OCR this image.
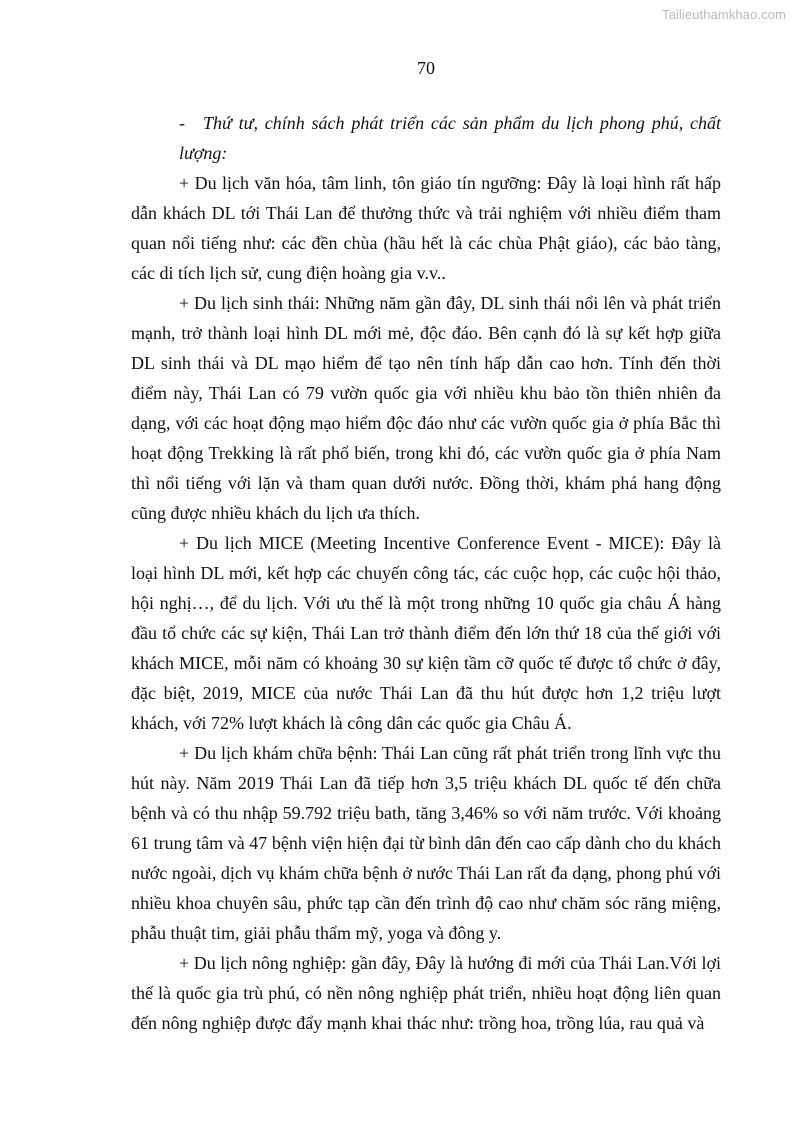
Tailieuthamkhao.com
70

- Thứ tư, chính sách phát triển các sản phẩm du lịch phong phú, chất lượng:

+ Du lịch văn hóa, tâm linh, tôn giáo tín ngưỡng: Đây là loại hình rất hấp dẫn khách DL tới Thái Lan để thưởng thức và trải nghiệm với nhiều điểm tham quan nổi tiếng như: các đền chùa (hầu hết là các chùa Phật giáo), các bảo tàng, các di tích lịch sử, cung điện hoàng gia v.v..

+ Du lịch sinh thái: Những năm gần đây, DL sinh thái nổi lên và phát triển mạnh, trở thành loại hình DL mới mẻ, độc đáo. Bên cạnh đó là sự kết hợp giữa DL sinh thái và DL mạo hiểm để tạo nên tính hấp dẫn cao hơn. Tính đến thời điểm này, Thái Lan có 79 vườn quốc gia với nhiều khu bảo tồn thiên nhiên đa dạng, với các hoạt động mạo hiểm độc đáo như các vườn quốc gia ở phía Bắc thì hoạt động Trekking là rất phổ biến, trong khi đó, các vườn quốc gia ở phía Nam thì nổi tiếng với lặn và tham quan dưới nước. Đồng thời, khám phá hang động cũng được nhiều khách du lịch ưa thích.

+ Du lịch MICE (Meeting Incentive Conference Event - MICE): Đây là loại hình DL mới, kết hợp các chuyến công tác, các cuộc họp, các cuộc hội thảo, hội nghị…, để du lịch. Với ưu thế là một trong những 10 quốc gia châu Á hàng đầu tổ chức các sự kiện, Thái Lan trở thành điểm đến lớn thứ 18 của thế giới với khách MICE, mỗi năm có khoảng 30 sự kiện tầm cỡ quốc tế được tổ chức ở đây, đặc biệt, 2019, MICE của nước Thái Lan đã thu hút được hơn 1,2 triệu lượt khách, với 72% lượt khách là công dân các quốc gia Châu Á.

+ Du lịch khám chữa bệnh: Thái Lan cũng rất phát triển trong lĩnh vực thu hút này. Năm 2019 Thái Lan đã tiếp hơn 3,5 triệu khách DL quốc tế đến chữa bệnh và có thu nhập 59.792 triệu bath, tăng 3,46% so với năm trước. Với khoảng 61 trung tâm và 47 bệnh viện hiện đại từ bình dân đến cao cấp dành cho du khách nước ngoài, dịch vụ khám chữa bệnh ở nước Thái Lan rất đa dạng, phong phú với nhiều khoa chuyên sâu, phức tạp cần đến trình độ cao như chăm sóc răng miệng, phẫu thuật tim, giải phẫu thẩm mỹ, yoga và đông y.

+ Du lịch nông nghiệp: gần đây, Đây là hướng đi mới của Thái Lan.Với lợi thế là quốc gia trù phú, có nền nông nghiệp phát triển, nhiều hoạt động liên quan đến nông nghiệp được đẩy mạnh khai thác như: trồng hoa, trồng lúa, rau quả và
